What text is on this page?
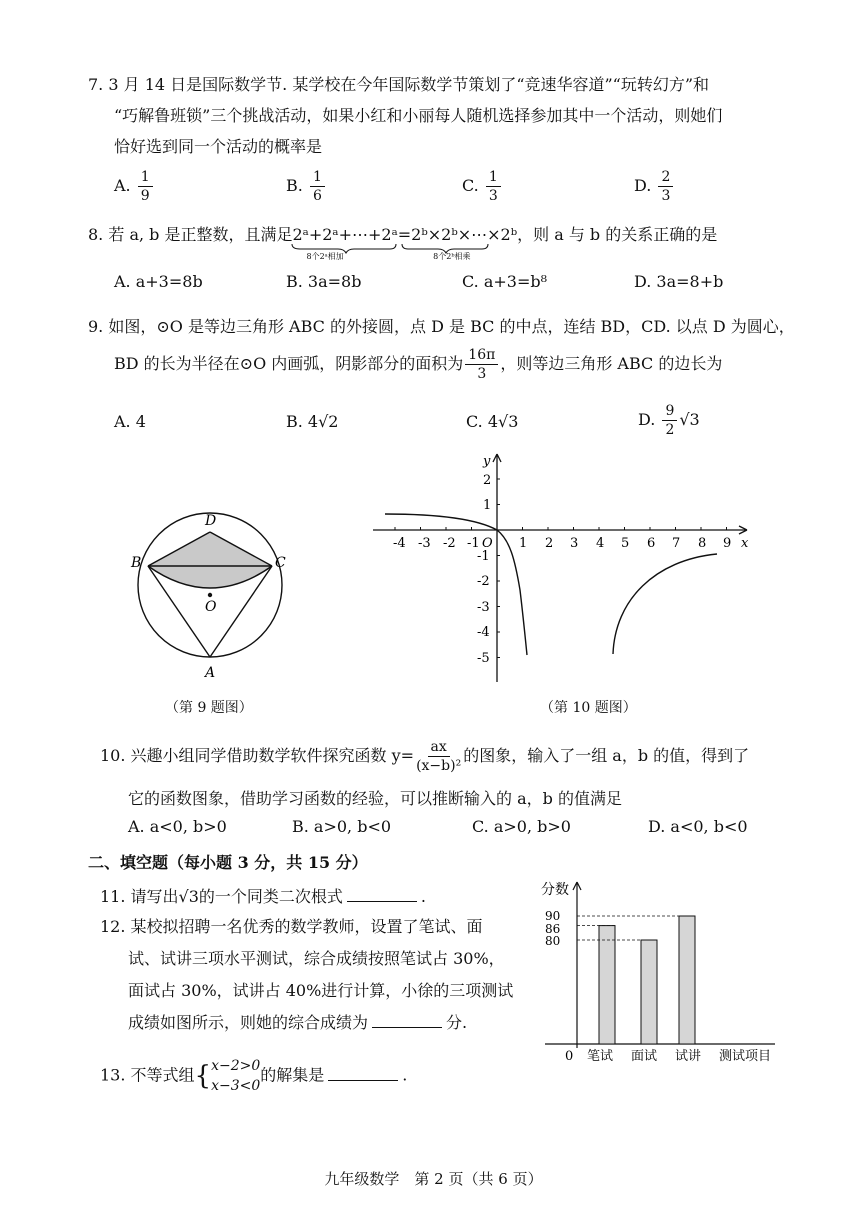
7. 3 月 14 日是国际数学节. 某学校在今年国际数学节策划了“竞速华容道”“玩转幻方”和
“巧解鲁班锁”三个挑战活动，如果小红和小丽每人随机选择参加其中一个活动，则她们
恰好选到同一个活动的概率是
A. $\frac{1}{9}$	B. $\frac{1}{6}$	C. $\frac{1}{3}$	D. $\frac{2}{3}$
8. 若 a, b 是正整数，且满足2ᵃ+2ᵃ+⋯+2ᵃ
8个2ᵃ相加
=2ᵇ×2ᵇ×⋯×2ᵇ
8个2ᵇ相乘
，则 a 与 b 的关系正确的是
A. a+3=8b	B. 3a=8b	C. a+3=b⁸	D. 3a=8+b
9. 如图，⊙O 是等边三角形 ABC 的外接圆，点 D 是 BC 的中点，连结 BD，CD. 以点 D 为圆心，
BD 的长为半径在⊙O 内画弧，阴影部分的面积为 $\frac{16\pi}{3}$ ，则等边三角形 ABC 的边长为
A. 4	B. 4√2	C. 4√3	D. $\frac{9}{2} √3$
D
B	C
O
A
（第 9 题图）
-4 -3 -2 -1 O 1 2 3 4 5 6 7 8 9 x
y
2
1
-1
-2
-3
-4
-5
（第 10 题图）
10. 兴趣小组同学借助数学软件探究函数 $y= \frac{ax}{\text{(x−b)²}}$ 的图象，输入了一组 a，b 的值，得到了
它的函数图象，借助学习函数的经验，可以推断输入的 a，b 的值满足
A. a<0, b>0	B. a>0, b<0	C. a>0, b>0	D. a<0, b<0
二、填空题（每小题 3 分，共 15 分）
11. 请写出√3的一个同类二次根式	.
12. 某校拟招聘一名优秀的数学教师，设置了笔试、面
试、试讲三项水平测试，综合成绩按照笔试占 30%，
面试占 30%，试讲占 40%进行计算，小徐的三项测试
成绩如图所示，则她的综合成绩为	分.
分数
0
90
86
80
笔试 面试 试讲 测试项目
13. 不等式组{ x−2>0
x−3<0
的解集是	.
九年级数学　第 2 页（共 6 页）
